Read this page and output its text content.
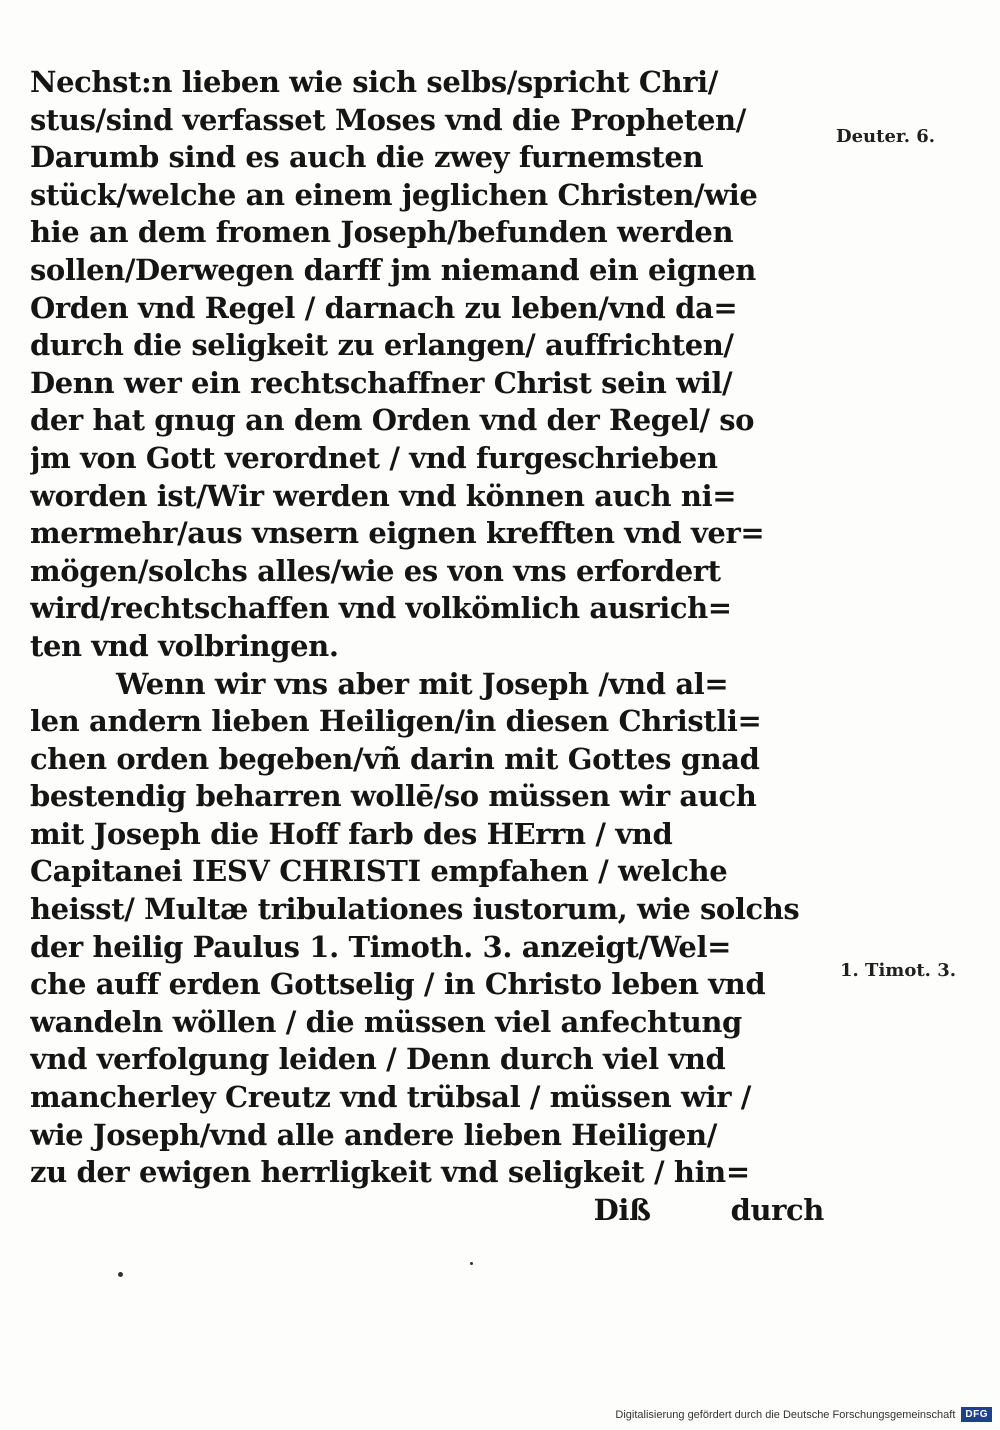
Nechst:n lieben wie sich selbs/spricht Chri/
stus/sind verfasset Moses vnd die Propheten/
Darumb sind es auch die zwey furnemsten
stück/welche an einem jeglichen Christen/wie
hie an dem fromen Joseph/befunden werden
sollen/Derwegen darff jm niemand ein eignen
Orden vnd Regel / darnach zu leben/vnd da=
durch die seligkeit zu erlangen/ auffrichten/
Denn wer ein rechtschaffner Christ sein wil/
der hat gnug an dem Orden vnd der Regel/ so
jm von Gott verordnet / vnd furgeschrieben
worden ist/Wir werden vnd können auch ni=
mermehr/aus vnsern eignen krefften vnd ver=
mögen/solchs alles/wie es von vns erfordert
wird/rechtschaffen vnd volkömlich ausrich=
ten vnd volbringen.
Wenn wir vns aber mit Joseph /vnd al=
len andern lieben Heiligen/in diesen Christli=
chen orden begeben/vñ darin mit Gottes gnad
bestendig beharren wollē/so müssen wir auch
mit Joseph die Hoff farb des HErrn / vnd
Capitanei IESV CHRISTI empfahen / welche
heisst/ Multæ tribulationes iustorum, wie solchs
der heilig Paulus 1. Timoth. 3. anzeigt/Wel=
che auff erden Gottselig / in Christo leben vnd
wandeln wöllen / die müssen viel anfechtung
vnd verfolgung leiden / Denn durch viel vnd
mancherley Creutz vnd trübsal / müssen wir /
wie Joseph/vnd alle andere lieben Heiligen/
zu der ewigen herrligkeit vnd seligkeit / hin=
Diß	durch
Deuter. 6.
1. Timot. 3.
Digitalisierung gefördert durch die Deutsche Forschungsgemeinschaft	DFG
